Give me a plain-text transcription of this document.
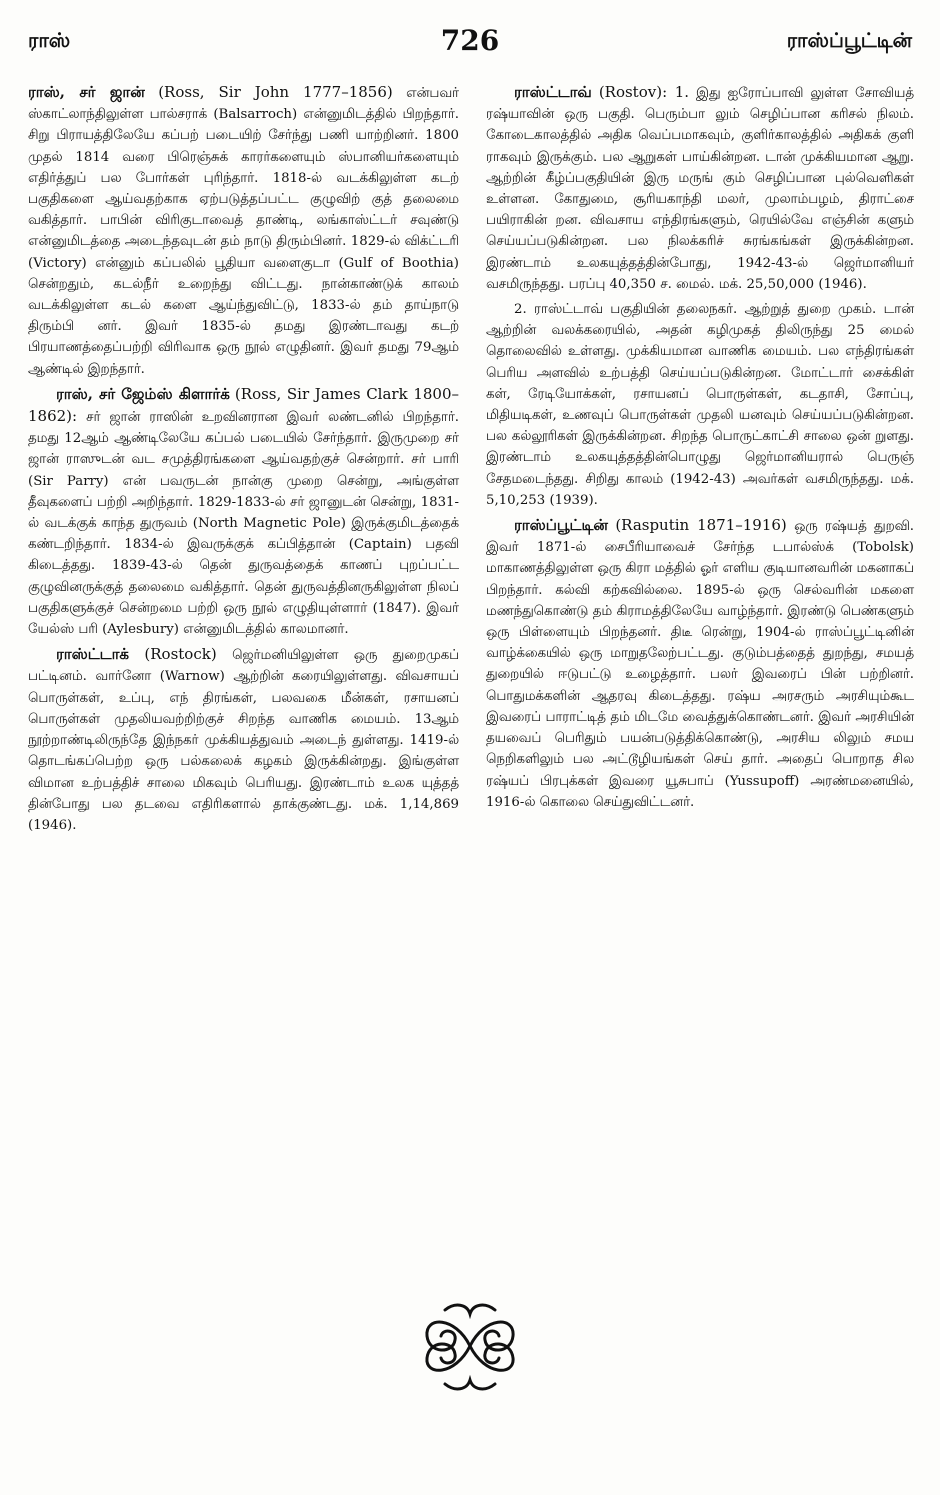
ராஸ்	726	ராஸ்ப்பூட்டின்

ராஸ், சர் ஜான் (Ross, Sir John 1777–1856) என்பவர் ஸ்காட்லாந்திலுள்ள பால்சராக் (Balsarroch) என்னுமிடத்தில் பிறந்தார். சிறு பிராயத்திலேயே கப்பற் படையிற் சேர்ந்து பணி யாற்றினர். 1800 முதல் 1814 வரை பிரெஞ்சுக் காரர்களையும் ஸ்பானியர்களையும் எதிர்த்துப் பல போர்கள் புரிந்தார். 1818-ல் வடக்கிலுள்ள கடற் பகுதிகளை ஆய்வதற்காக ஏற்படுத்தப்பட்ட குழுவிற் குத் தலைமை வகித்தார். பாபின் விரிகுடாவைத் தாண்டி, லங்காஸ்ட்டர் சவுண்டு என்னுமிடத்தை அடைந்தவுடன் தம் நாடு திரும்பினர். 1829-ல் விக்ட்டரி (Victory) என்னும் கப்பலில் பூதியா வளைகுடா (Gulf of Boothia) சென்றதும், கடல்நீர் உறைந்து விட்டது. நான்காண்டுக் காலம் வடக்கிலுள்ள கடல் களை ஆய்ந்துவிட்டு, 1833-ல் தம் தாய்நாடு திரும்பி னர். இவர் 1835-ல் தமது இரண்டாவது கடற் பிரயாணத்தைப்பற்றி விரிவாக ஒரு நூல் எழுதினர். இவர் தமது 79ஆம் ஆண்டில் இறந்தார்.

ராஸ், சர் ஜேம்ஸ் கிளார்க் (Ross, Sir James Clark 1800–1862): சர் ஜான் ராஸின் உறவினரான இவர் லண்டனில் பிறந்தார். தமது 12ஆம் ஆண்டிலேயே கப்பல் படையில் சேர்ந்தார். இருமுறை சர் ஜான் ராஸுடன் வட சமுத்திரங்களை ஆய்வதற்குச் சென்றார். சர் பாரி (Sir Parry) என் பவருடன் நான்கு முறை சென்று, அங்குள்ள தீவுகளைப் பற்றி அறிந்தார். 1829-1833-ல் சர் ஜானுடன் சென்று, 1831-ல் வடக்குக் காந்த துருவம் (North Magnetic Pole) இருக்குமிடத்தைக் கண்டறிந்தார். 1834-ல் இவருக்குக் கப்பித்தான் (Captain) பதவி கிடைத்தது. 1839-43-ல் தென் துருவத்தைக் காணப் புறப்பட்ட குழுவினருக்குத் தலைமை வகித்தார். தென் துருவத்தினருகிலுள்ள நிலப் பகுதிகளுக்குச் சென்றமை பற்றி ஒரு நூல் எழுதியுள்ளார் (1847). இவர் யேல்ஸ் பரி (Aylesbury) என்னுமிடத்தில் காலமானர்.

ராஸ்ட்டாக் (Rostock) ஜெர்மனியிலுள்ள ஒரு துறைமுகப் பட்டினம். வார்னோ (Warnow) ஆற்றின் கரையிலுள்ளது. விவசாயப் பொருள்கள், உப்பு, எந் திரங்கள், பலவகை மீன்கள், ரசாயனப் பொருள்கள் முதலியவற்றிற்குச் சிறந்த வாணிக மையம். 13ஆம் நூற்றாண்டிலிருந்தே இந்நகர் முக்கியத்துவம் அடைந் துள்ளது. 1419-ல் தொடங்கப்பெற்ற ஒரு பல்கலைக் கழகம் இருக்கின்றது. இங்குள்ள விமான உற்பத்திச் சாலை மிகவும் பெரியது. இரண்டாம் உலக யுத்தத் தின்போது பல தடவை எதிரிகளால் தாக்குண்டது. மக். 1,14,869 (1946).

ராஸ்ட்டாவ் (Rostov): 1. இது ஐரோப்பாவி லுள்ள சோவியத் ரஷ்யாவின் ஒரு பகுதி. பெரும்பா லும் செழிப்பான கரிசல் நிலம். கோடைகாலத்தில் அதிக வெப்பமாகவும், குளிர்காலத்தில் அதிகக் குளி ராகவும் இருக்கும். பல ஆறுகள் பாய்கின்றன. டான் முக்கியமான ஆறு. ஆற்றின் கீழ்ப்பகுதியின் இரு மருங் கும் செழிப்பான புல்வெளிகள் உள்ளன. கோதுமை, சூரியகாந்தி மலர், முலாம்பழம், திராட்சை பயிராகின் றன. விவசாய எந்திரங்களும், ரெயில்வே எஞ்சின் களும் செய்யப்படுகின்றன. பல நிலக்கரிச் சுரங்கங்கள் இருக்கின்றன. இரண்டாம் உலகயுத்தத்தின்போது, 1942-43-ல் ஜெர்மானியர் வசமிருந்தது. பரப்பு 40,350 ச. மைல். மக். 25,50,000 (1946).

2. ராஸ்ட்டாவ் பகுதியின் தலைநகர். ஆற்றுத் துறை முகம். டான் ஆற்றின் வலக்கரையில், அதன் கழிமுகத் திலிருந்து 25 மைல் தொலைவில் உள்ளது. முக்கியமான வாணிக மையம். பல எந்திரங்கள் பெரிய அளவில் உற்பத்தி செய்யப்படுகின்றன. மோட்டார் சைக்கிள் கள், ரேடியோக்கள், ரசாயனப் பொருள்கள், கடதாசி, சோப்பு, மிதியடிகள், உணவுப் பொருள்கள் முதலி யனவும் செய்யப்படுகின்றன. பல கல்லூரிகள் இருக்கின்றன. சிறந்த பொருட்காட்சி சாலை ஒன் றுளது. இரண்டாம் உலகயுத்தத்தின்பொழுது ஜெர்மானியரால் பெருஞ் சேதமடைந்தது. சிறிது காலம் (1942-43) அவர்கள் வசமிருந்தது. மக். 5,10,253 (1939).

ராஸ்ப்பூட்டின் (Rasputin 1871–1916) ஒரு ரஷ்யத் துறவி. இவர் 1871-ல் சைபீரியாவைச் சேர்ந்த டபால்ஸ்க் (Tobolsk) மாகாணத்திலுள்ள ஒரு கிரா மத்தில் ஓர் எளிய குடியானவரின் மகனாகப் பிறந்தார். கல்வி கற்கவில்லை. 1895-ல் ஒரு செல்வரின் மகளை மணந்துகொண்டு தம் கிராமத்திலேயே வாழ்ந்தார். இரண்டு பெண்களும் ஒரு பிள்ளையும் பிறந்தனர். திடீ ரென்று, 1904-ல் ராஸ்ப்பூட்டினின் வாழ்க்கையில் ஒரு மாறுதலேற்பட்டது. குடும்பத்தைத் துறந்து, சமயத் துறையில் ஈடுபட்டு உழைத்தார். பலர் இவரைப் பின் பற்றினர். பொதுமக்களின் ஆதரவு கிடைத்தது. ரஷ்ய அரசரும் அரசியும்கூட இவரைப் பாராட்டித் தம் மிடமே வைத்துக்கொண்டனர். இவர் அரசியின் தயவைப் பெரிதும் பயன்படுத்திக்கொண்டு, அரசிய லிலும் சமய நெறிகளிலும் பல அட்டூழியங்கள் செய் தார். அதைப் பொறாத சில ரஷ்யப் பிரபுக்கள் இவரை யூசுபாப் (Yussupoff) அரண்மனையில், 1916-ல் கொலை செய்துவிட்டனர்.
